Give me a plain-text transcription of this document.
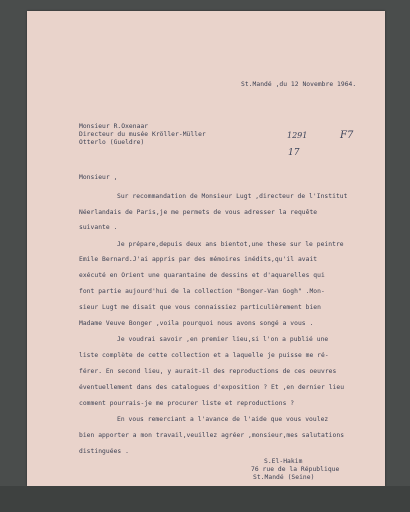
St.Mandé ,du 12 Novembre 1964.
Monsieur R.Oxenaar
Directeur du musée Kröller-Müller
Otterlo (Gueldre)
1291	F7
17
Monsieur ,
Sur recommandation de Monsieur Lugt ,directeur de l'Institut
Néerlandais de Paris,je me permets de vous adresser la requête
suivante .
Je prépare,depuis deux ans bientot,une these sur le peintre
Emile Bernard.J'ai appris par des mémoires inédits,qu'il avait
exécuté en Orient une quarantaine de dessins et d'aquarelles qui
font partie aujourd'hui de la collection "Bonger-Van Gogh" .Mon-
sieur Lugt me disait que vous connaissiez particulièrement bien
Madame Veuve Bonger ,voila pourquoi nous avons songé a vous .
Je voudrai savoir ,en premier lieu,si l'on a publié une
liste complète de cette collection et a laquelle je puisse me ré-
férer. En second lieu, y aurait-il des reproductions de ces oeuvres
éventuellement dans des catalogues d'exposition ? Et ,en dernier lieu
comment pourrais-je me procurer liste et reproductions ?
En vous remerciant a l'avance de l'aide que vous voulez
bien apporter a mon travail,veuillez agréer ,monsieur,mes salutations
distinguées .
S.El-Hakim
76 rue de la République
St.Mandé (Seine)
